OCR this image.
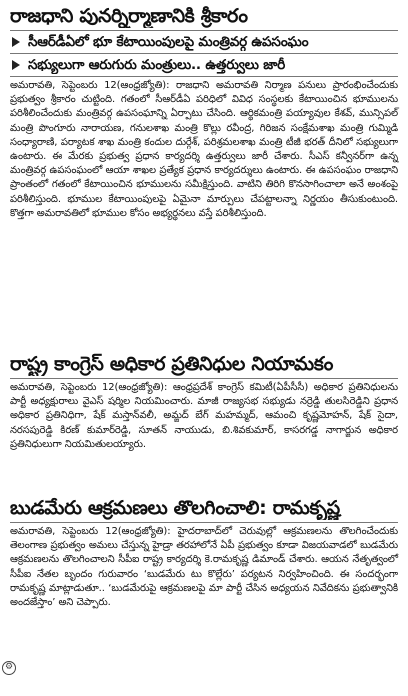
రాజధాని పునర్నిర్మాణానికి శ్రీకారం
సీఆర్‌డీఏలో భూ కేటాయింపులపై మంత్రివర్గ ఉపసంఘం
సభ్యులుగా ఆరుగురు మంత్రులు.. ఉత్తర్వులు జారీ

అమరావతి, సెప్టెంబరు 12(ఆంధ్రజ్యోతి): రాజధాని అమరావతి నిర్మాణ పనులు ప్రారంభించేందుకు ప్రభుత్వం శ్రీకారం చుట్టింది. గతంలో సీఆర్‌డీఏ పరిధిలో వివిధ సంస్థలకు కేటాయించిన భూములను పరిశీలించేందుకు మంత్రివర్గ ఉపసంఘాన్ని ఏర్పాటు చేసింది. ఆర్థికమంత్రి పయ్యావుల కేశవ్, మున్సిపల్ మంత్రి పొంగూరు నారాయణ, గనులశాఖ మంత్రి కొల్లు రవీంద్ర, గిరిజన సంక్షేమశాఖ మంత్రి గుమ్మిడి సంధ్యారాణి, పర్యాటక శాఖ మంత్రి కందుల దుర్గేశ్, పరిశ్రమలశాఖ మంత్రి టీజీ భరత్ దీనిలో సభ్యులుగా ఉంటారు. ఈ మేరకు ప్రభుత్వ ప్రధాన కార్యదర్శి ఉత్తర్వులు జారీ చేశారు. సీఎస్ కన్వీనర్‌గా ఉన్న మంత్రివర్గ ఉపసంఘంలో ఆయా శాఖల ప్రత్యేక ప్రధాన కార్యదర్శులు ఉంటారు. ఈ ఉపసంఘం రాజధాని ప్రాంతంలో గతంలో కేటాయించిన భూములను సమీక్షిస్తుంది. వాటిని తిరిగి కొనసాగించాలా అనే అంశంపై పరిశీలిస్తుంది. భూముల కేటాయింపులపై ఏమైనా మార్పులు చేపట్టాలన్నా నిర్ణయం తీసుకుంటుంది. కొత్తగా అమరావతిలో భూముల కోసం అభ్యర్థనలు వస్తే పరిశీలిస్తుంది.

రాష్ట్ర కాంగ్రెస్ అధికార ప్రతినిధుల నియామకం

అమరావతి, సెప్టెంబరు 12(ఆంధ్రజ్యోతి): ఆంధ్రప్రదేశ్ కాంగ్రెస్ కమిటీ(ఏపీసీసీ) అధికార ప్రతినిధులను పార్టీ అధ్యక్షురాలు వైఎస్ షర్మిల నియమించారు. మాజీ రాజ్యసభ సభ్యుడు నర్రెడ్డి తులసిరెడ్డిని ప్రధాన అధికార ప్రతినిధిగా, షేక్ మస్తాన్‌వలీ, అమ్జద్ బేగ్ మహమ్మద్, ఆమంచి కృష్ణమోహన్, షేక్ సైదా, నరసపురెడ్డి కిరణ్ కుమార్‌రెడ్డి, సూతన్ నాయుడు, బి.శివకుమార్, కాసరగడ్డ నాగార్జున అధికార ప్రతినిధులుగా నియమితులయ్యారు.

బుడమేరు ఆక్రమణలు తొలగించాలి: రామకృష్ణ

అమరావతి, సెప్టెంబరు 12(ఆంధ్రజ్యోతి): హైదరాబాద్‌లో చెరువుల్లో ఆక్రమణలను తొలగించేందుకు తెలంగాణ ప్రభుత్వం అమలు చేస్తున్న హైడ్రా తరహాలోనే ఏపీ ప్రభుత్వం కూడా విజయవాడలో బుడమేరు ఆక్రమణలను తొలగించాలని సీపీఐ రాష్ట్ర కార్యదర్శి కె.రామకృష్ణ డిమాండ్ చేశారు. ఆయన నేతృత్వంలో సీపీఐ నేతల బృందం గురువారం ‘బుడమేరు టు కొల్లేరు’ పర్యటన నిర్వహించింది. ఈ సందర్భంగా రామకృష్ణ మాట్లాడుతూ.. ‘బుడమేరుపై ఆక్రమణలపై మా పార్టీ చేసిన అధ్యయన నివేదికను ప్రభుత్వానికి అందజేస్తాం’ అని చెప్పారు.

⚙
